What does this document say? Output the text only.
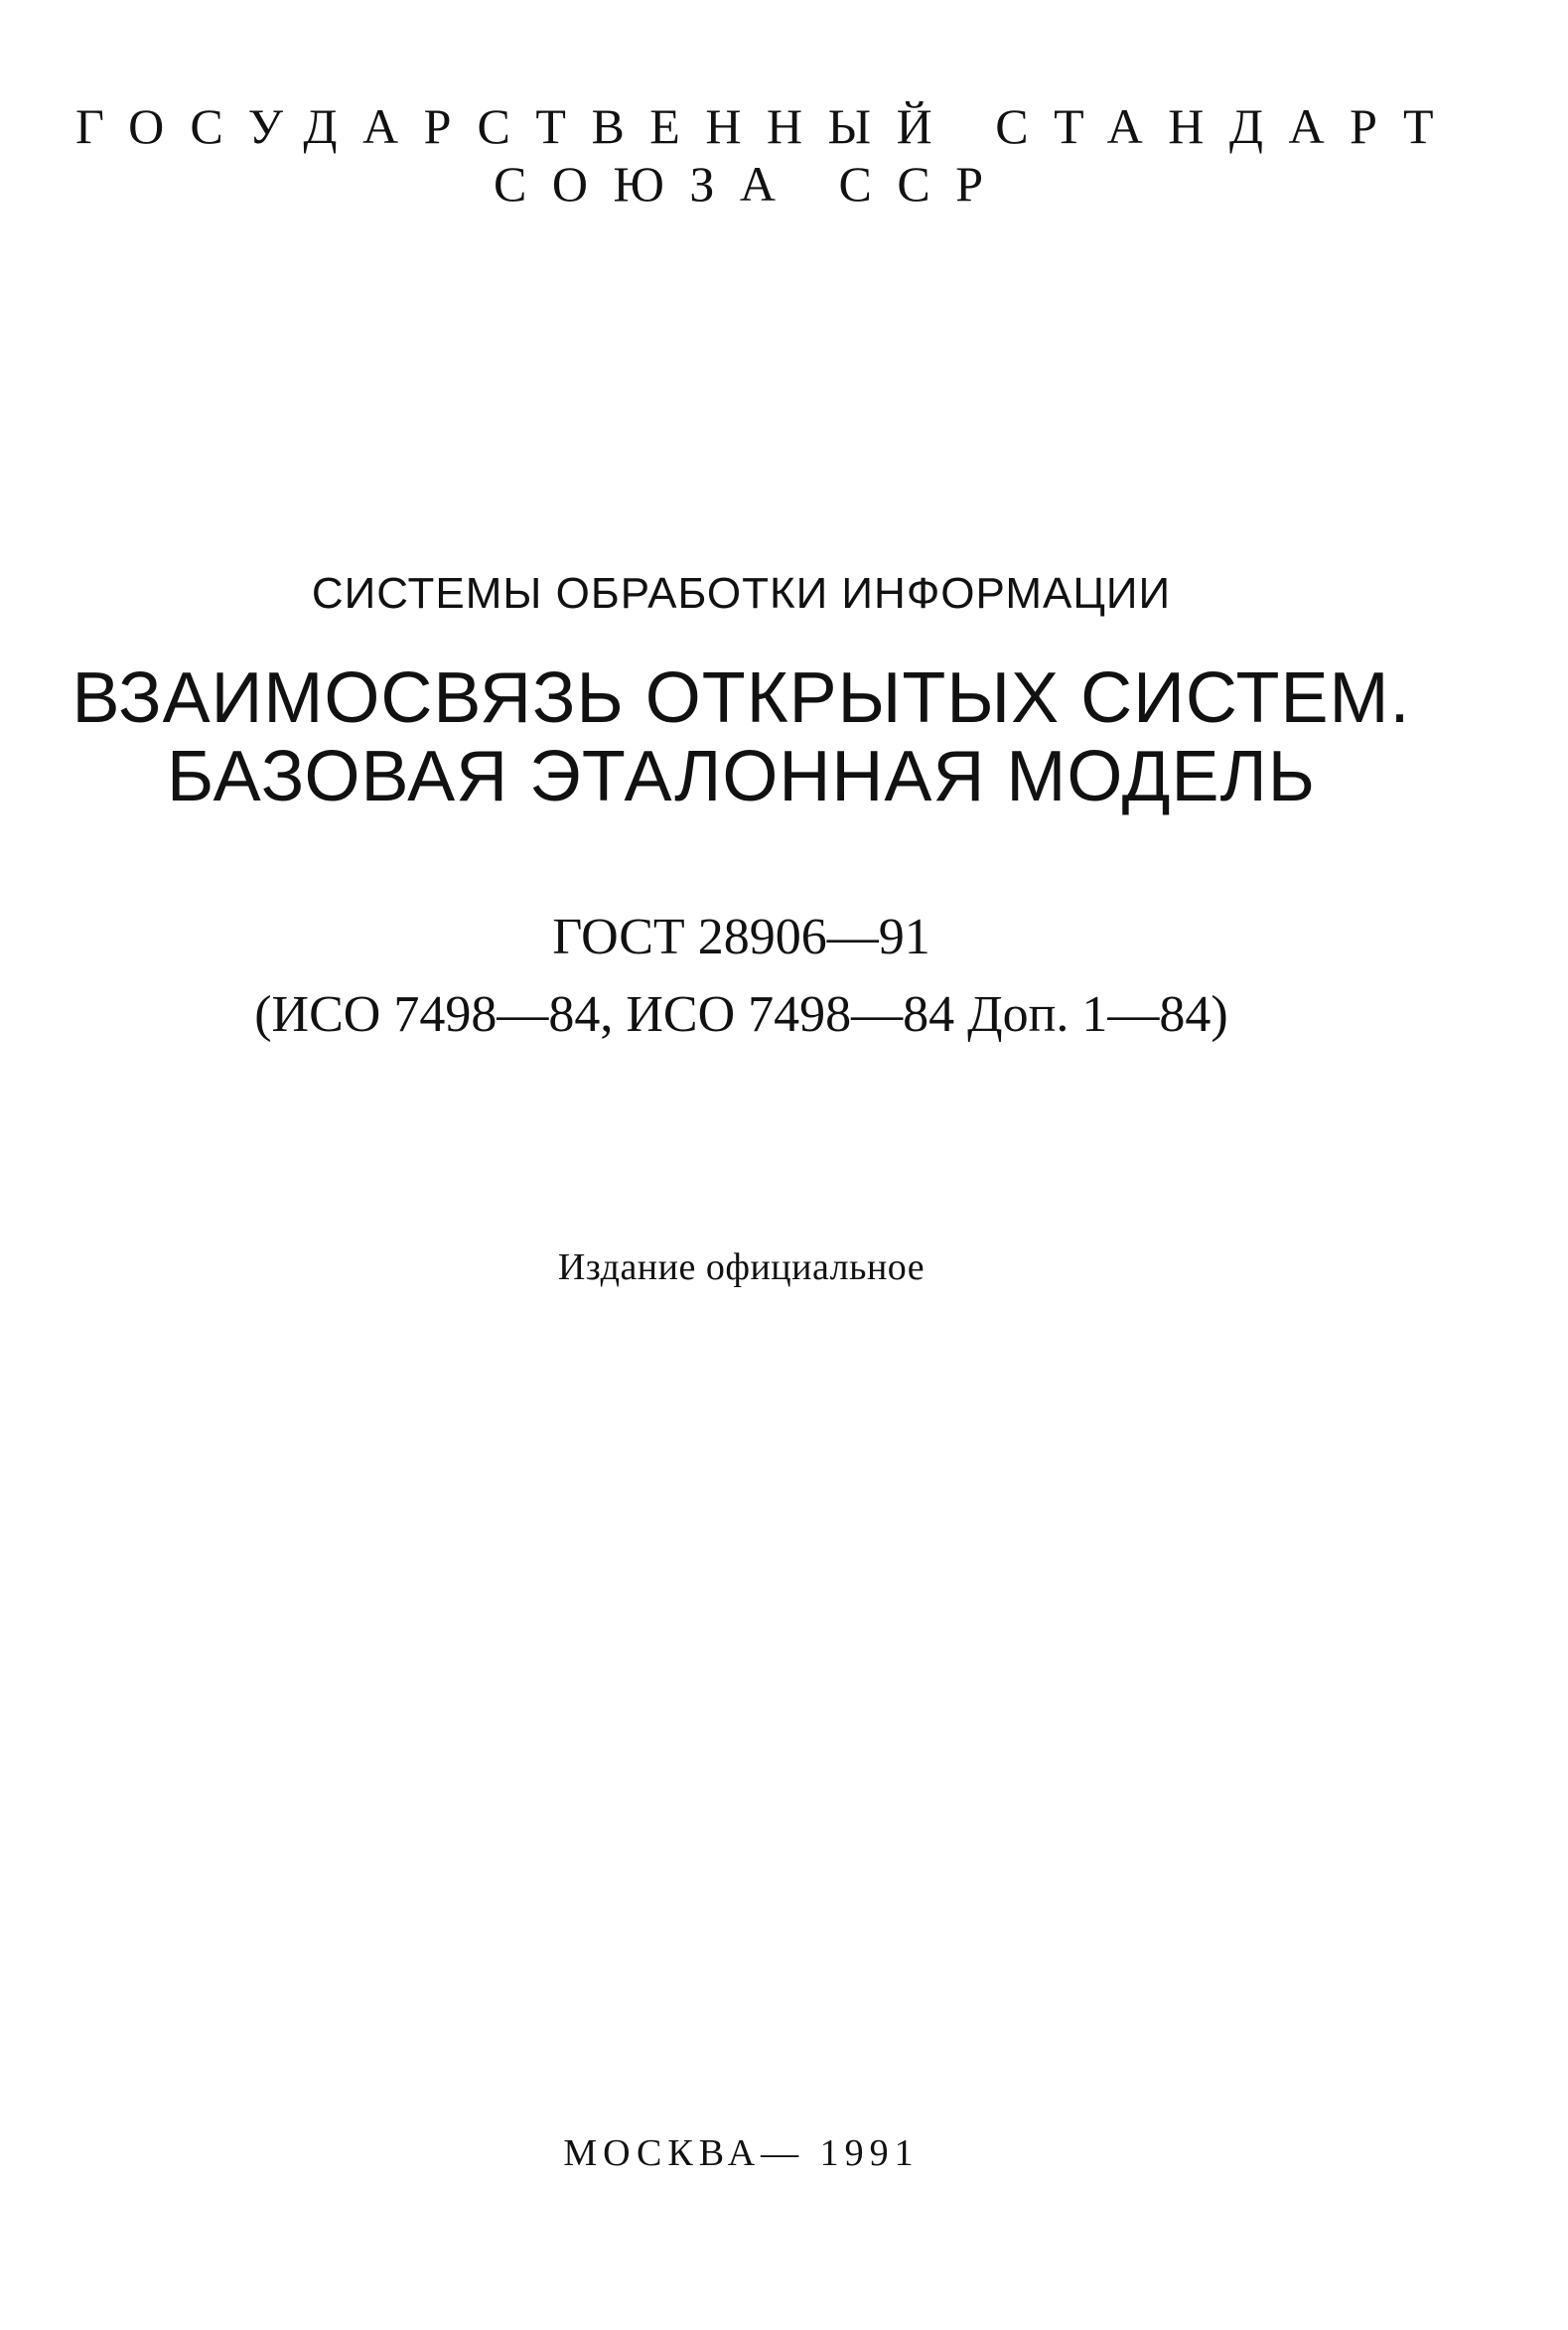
ГОСУДАРСТВЕННЫЙ СТАНДАРТ
СОЮЗА ССР
СИСТЕМЫ ОБРАБОТКИ ИНФОРМАЦИИ
ВЗАИМОСВЯЗЬ ОТКРЫТЫХ СИСТЕМ.
БАЗОВАЯ ЭТАЛОННАЯ МОДЕЛЬ
ГОСТ 28906—91
(ИСО 7498—84, ИСО 7498—84 Доп. 1—84)
Издание официальное
МОСКВА— 1991
